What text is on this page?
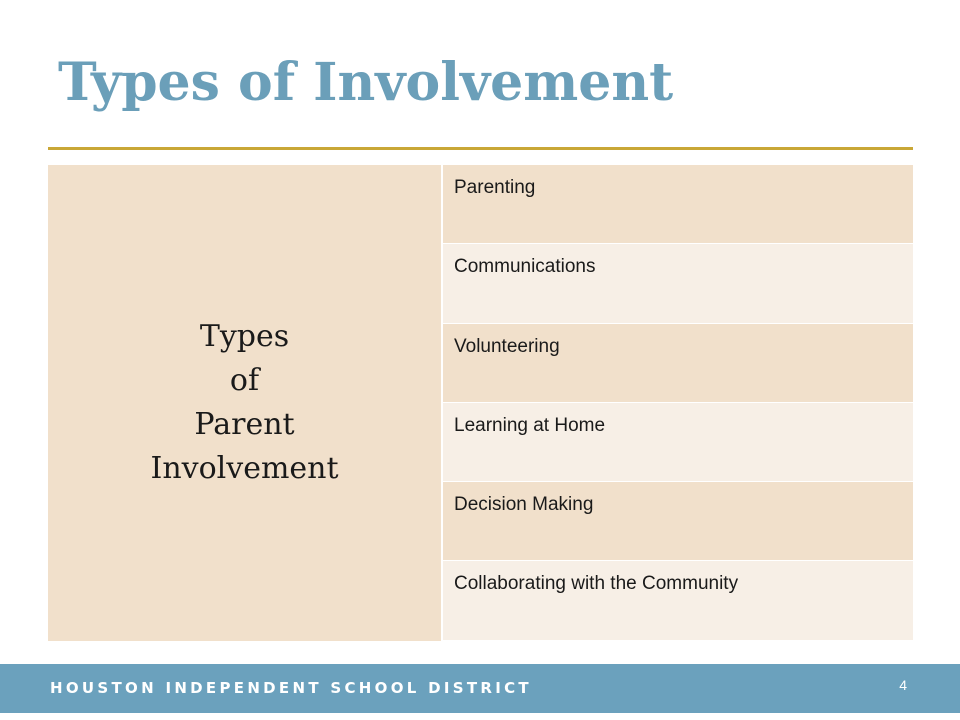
Types of Involvement
Types
of
Parent
Involvement
Parenting
Communications
Volunteering
Learning at Home
Decision Making
Collaborating with the Community
HOUSTON INDEPENDENT SCHOOL DISTRICT	4
